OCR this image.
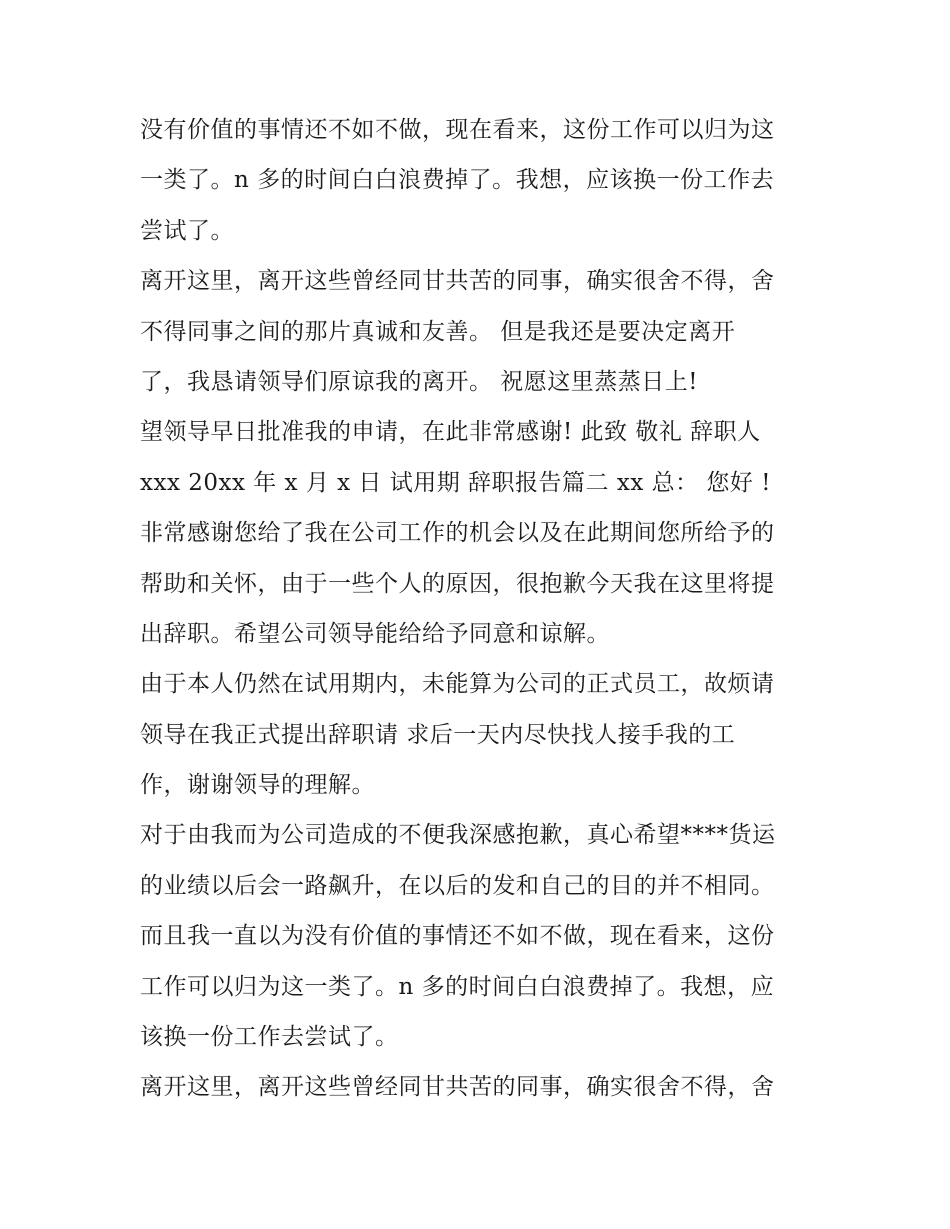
没有价值的事情还不如不做，现在看来，这份工作可以归为这
一类了。n 多的时间白白浪费掉了。我想，应该换一份工作去
尝试了。
离开这里，离开这些曾经同甘共苦的同事，确实很舍不得，舍
不得同事之间的那片真诚和友善。 但是我还是要决定离开
了，我恳请领导们原谅我的离开。 祝愿这里蒸蒸日上!
望领导早日批准我的申请，在此非常感谢! 此致 敬礼 辞职人
xxx 20xx 年 x 月 x 日 试用期 辞职报告篇二 xx 总： 您好 !
非常感谢您给了我在公司工作的机会以及在此期间您所给予的
帮助和关怀，由于一些个人的原因，很抱歉今天我在这里将提
出辞职。希望公司领导能给给予同意和谅解。
由于本人仍然在试用期内，未能算为公司的正式员工，故烦请
领导在我正式提出辞职请 求后一天内尽快找人接手我的工
作，谢谢领导的理解。
对于由我而为公司造成的不便我深感抱歉，真心希望****货运
的业绩以后会一路飙升，在以后的发和自己的目的并不相同。
而且我一直以为没有价值的事情还不如不做，现在看来，这份
工作可以归为这一类了。n 多的时间白白浪费掉了。我想，应
该换一份工作去尝试了。
离开这里，离开这些曾经同甘共苦的同事，确实很舍不得，舍
